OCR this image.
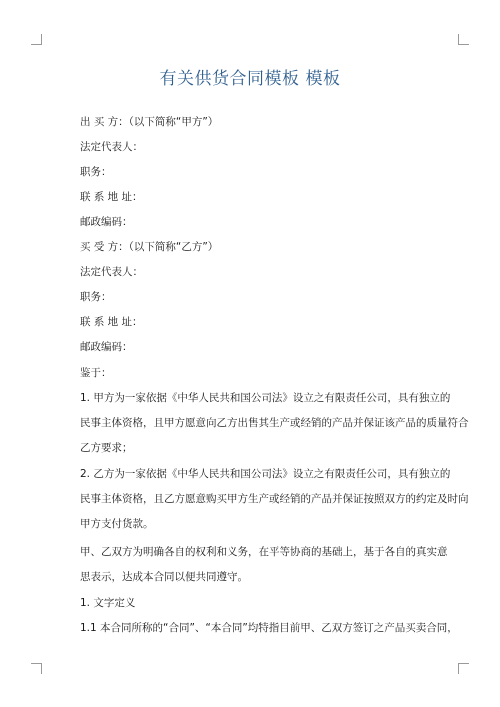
有关供货合同模板 模板
出 买 方：（以下简称“甲方”）
法定代表人：
职务：
联 系 地 址：
邮政编码：
买 受 方：（以下简称“乙方”）
法定代表人：
职务：
联 系 地 址：
邮政编码：
鉴于：
1. 甲方为一家依据《中华人民共和国公司法》设立之有限责任公司，具有独立的
民事主体资格，且甲方愿意向乙方出售其生产或经销的产品并保证该产品的质量符合
乙方要求；
2. 乙方为一家依据《中华人民共和国公司法》设立之有限责任公司，具有独立的
民事主体资格，且乙方愿意购买甲方生产或经销的产品并保证按照双方的约定及时向
甲方支付货款。
甲、乙双方为明确各自的权利和义务，在平等协商的基础上，基于各自的真实意
思表示，达成本合同以便共同遵守。
1. 文字定义
1.1 本合同所称的“合同”、“本合同”均特指目前甲、乙双方签订之产品买卖合同，
